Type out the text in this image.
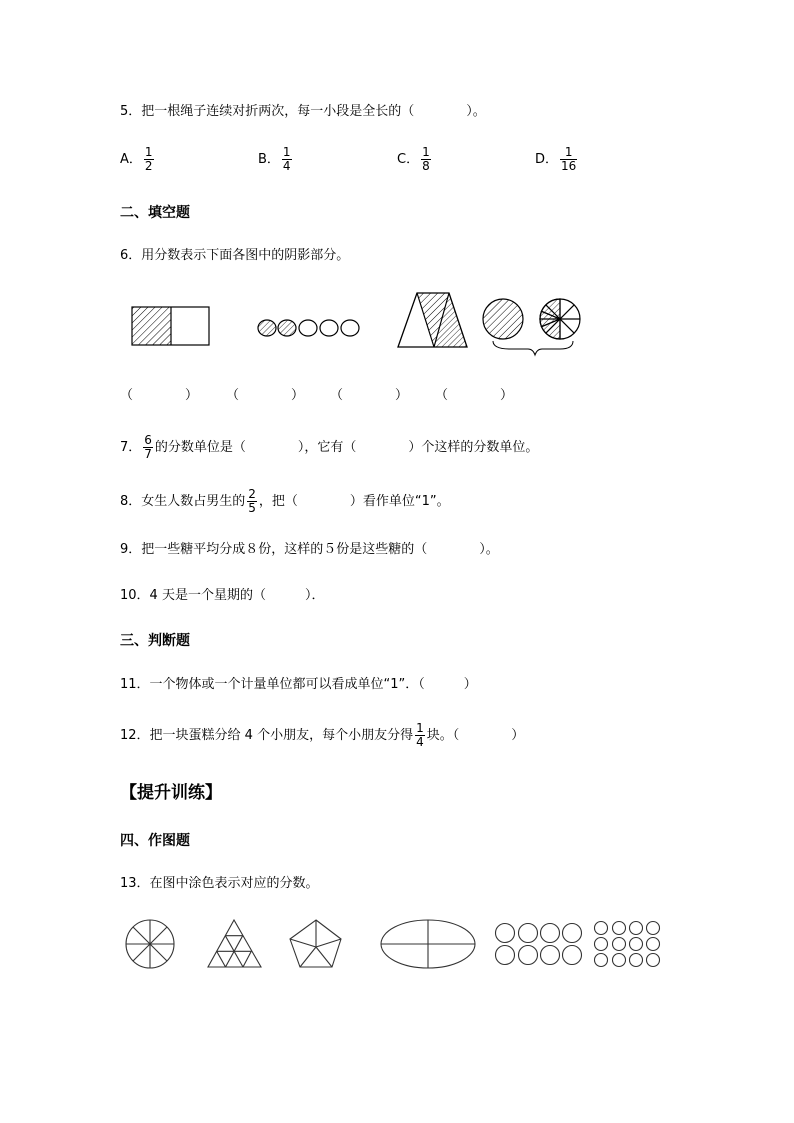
5．把一根绳子连续对折两次，每一小段是全长的（　　　　）。
A． $\frac{1}{2}$	B． $\frac{1}{4}$	C． $\frac{1}{8}$	D． $\frac{1}{16}$
二、填空题
6．用分数表示下面各图中的阴影部分。
（　　　　） （　　　　） （　　　　） （　　　　）
7． $\frac{6}{7}$ 的分数单位是（　　　　），它有（　　　　）个这样的分数单位。
8．女生人数占男生的 $\frac{2}{5}$ ，把（　　　　）看作单位“1”。
9．把一些糖平均分成８份，这样的５份是这些糖的（　　　　）。
10．4 天是一个星期的（　　　）．
三、判断题
11．一个物体或一个计量单位都可以看成单位“1”．（　　　）
12．把一块蛋糕分给 4 个小朋友，每个小朋友分得 $\frac{1}{4}$ 块。（　　　　）
【提升训练】
四、作图题
13．在图中涂色表示对应的分数。
